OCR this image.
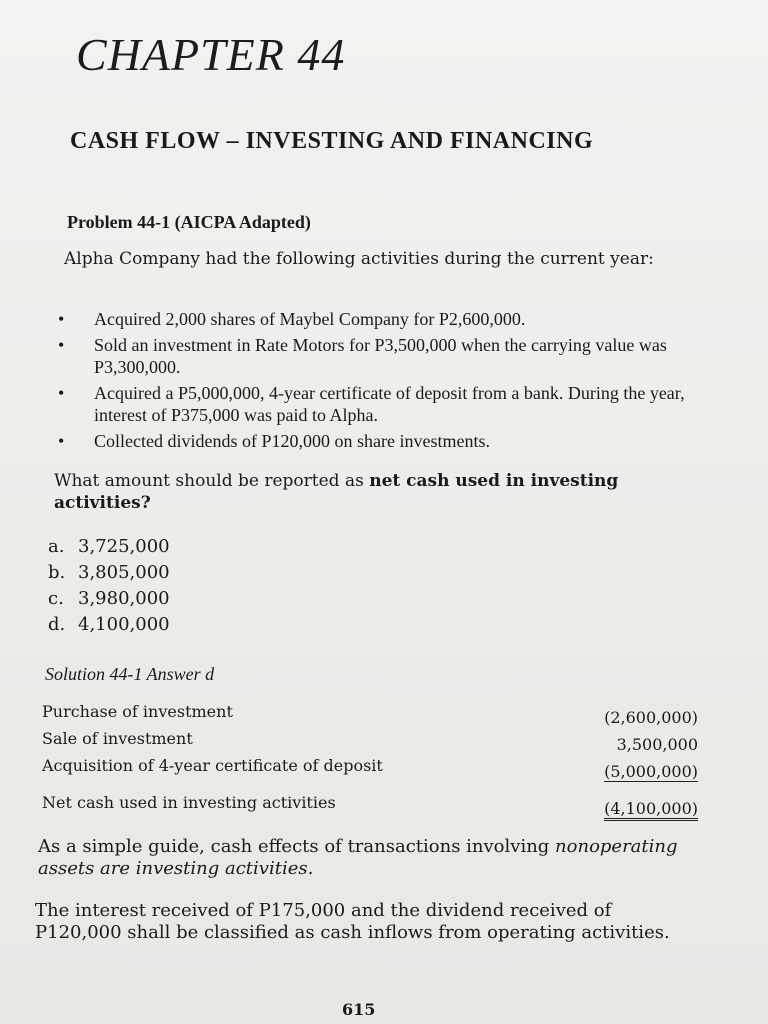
CHAPTER 44
CASH FLOW – INVESTING AND FINANCING
Problem 44-1 (AICPA Adapted)
Alpha Company had the following activities during the current year:
• Acquired 2,000 shares of Maybel Company for P2,600,000.
• Sold an investment in Rate Motors for P3,500,000 when the carrying value was P3,300,000.
• Acquired a P5,000,000, 4-year certificate of deposit from a bank. During the year, interest of P375,000 was paid to Alpha.
• Collected dividends of P120,000 on share investments.
What amount should be reported as net cash used in investing activities?
a. 3,725,000
b. 3,805,000
c. 3,980,000
d. 4,100,000
Solution 44-1 Answer d
Purchase of investment	(2,600,000)
Sale of investment	3,500,000
Acquisition of 4-year certificate of deposit	(5,000,000)
Net cash used in investing activities	(4,100,000)
As a simple guide, cash effects of transactions involving nonoperating assets are investing activities.
The interest received of P175,000 and the dividend received of P120,000 shall be classified as cash inflows from operating activities.
615
